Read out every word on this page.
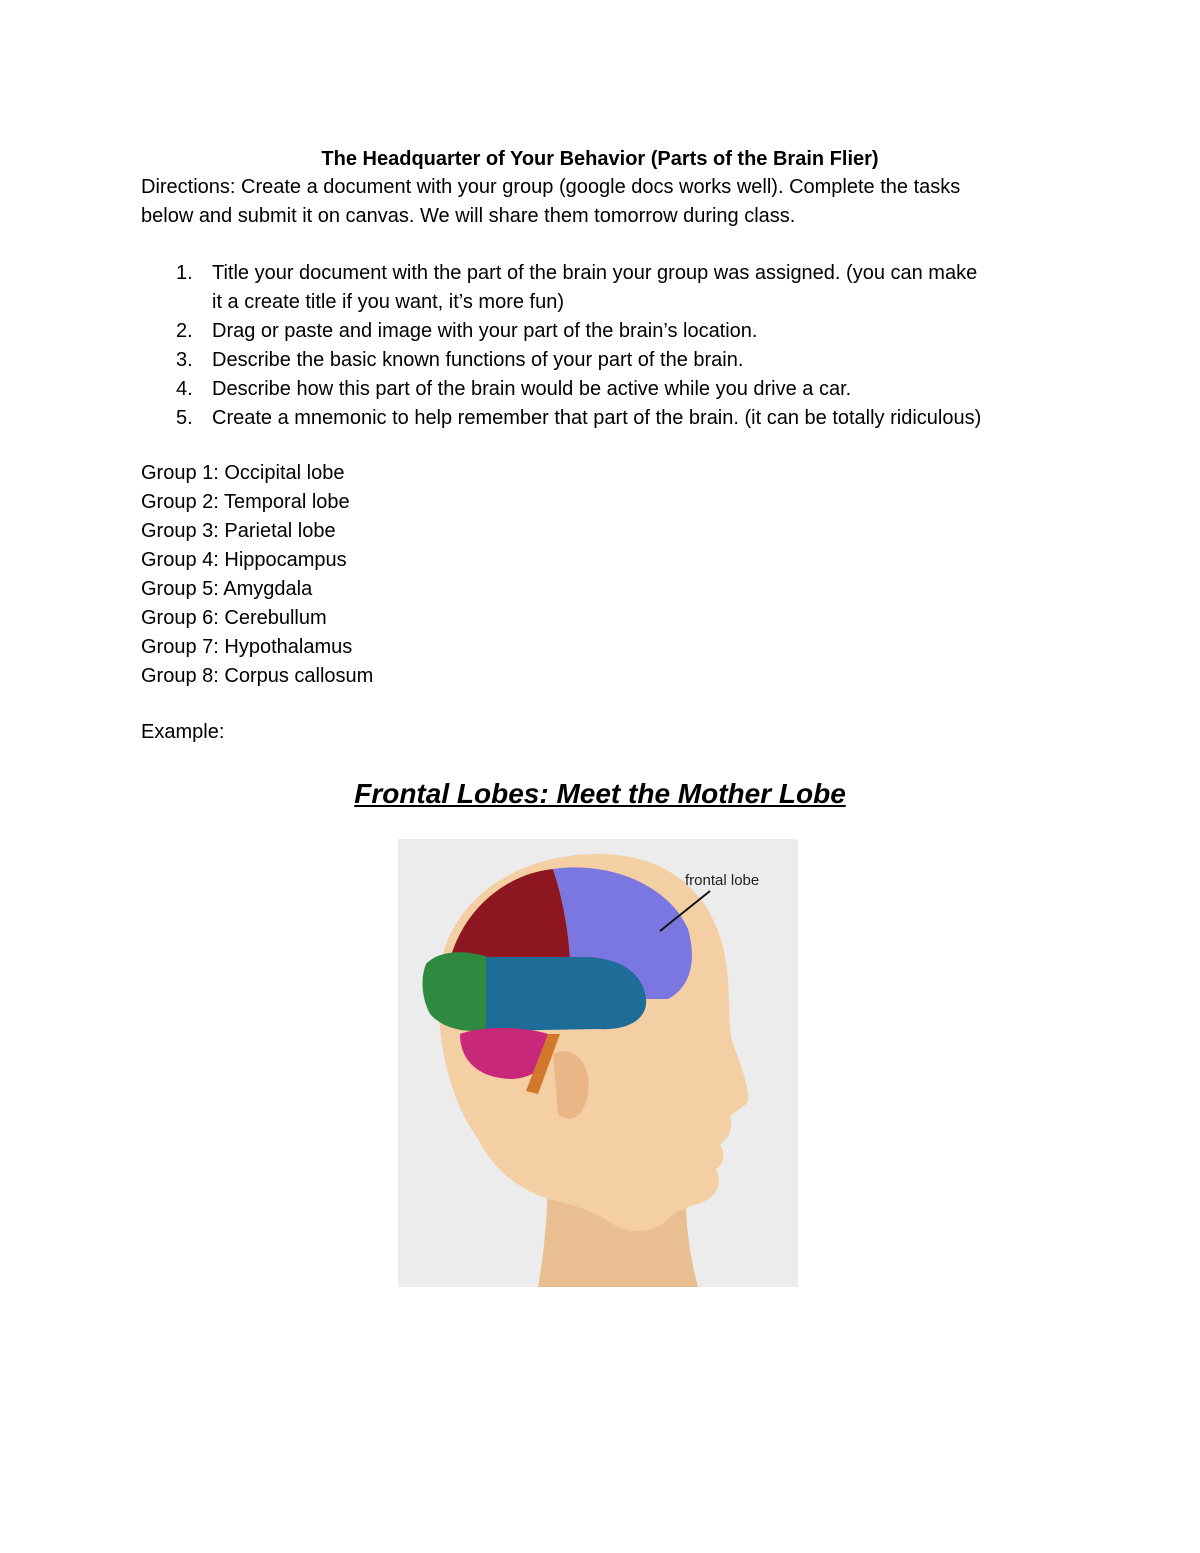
The Headquarter of Your Behavior (Parts of the Brain Flier)
Directions: Create a document with your group (google docs works well). Complete the tasks
below and submit it on canvas. We will share them tomorrow during class.
1. Title your document with the part of the brain your group was assigned. (you can make
it a create title if you want, it’s more fun)
2. Drag or paste and image with your part of the brain’s location.
3. Describe the basic known functions of your part of the brain.
4. Describe how this part of the brain would be active while you drive a car.
5. Create a mnemonic to help remember that part of the brain. (it can be totally ridiculous)
Group 1: Occipital lobe
Group 2: Temporal lobe
Group 3: Parietal lobe
Group 4: Hippocampus
Group 5: Amygdala
Group 6: Cerebullum
Group 7: Hypothalamus
Group 8: Corpus callosum
Example:
Frontal Lobes: Meet the Mother Lobe
frontal lobe
